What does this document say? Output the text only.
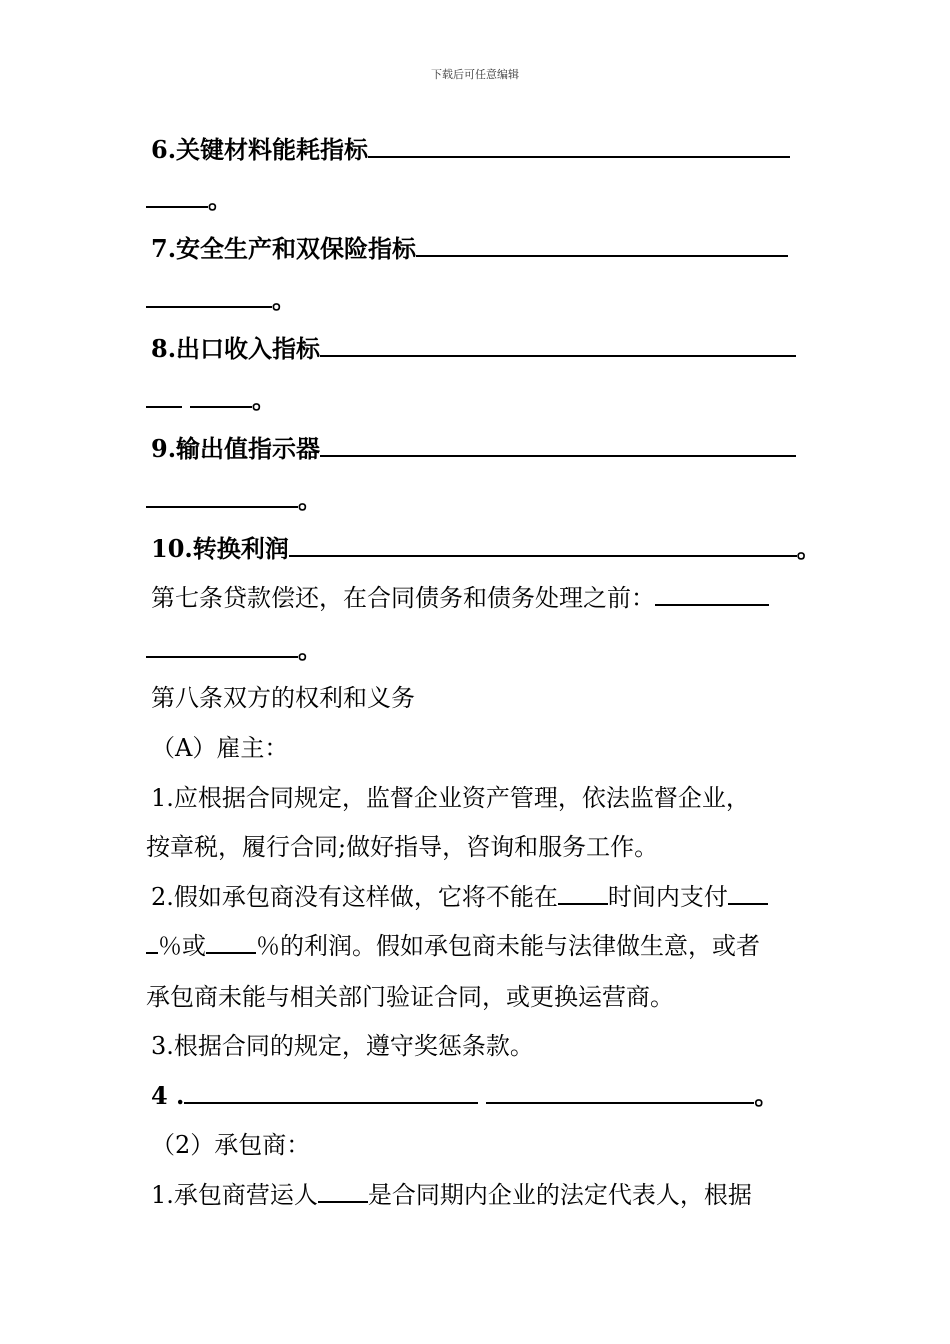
下载后可任意编辑
6.关键材料能耗指标
。
7.安全生产和双保险指标
。
8.出口收入指标
。
9.输出值指示器
。
10.转换利润	。
第七条贷款偿还，在合同债务和债务处理之前：
。
第八条双方的权利和义务
（A）雇主：
1.应根据合同规定，监督企业资产管理，依法监督企业，
按章税，履行合同;做好指导，咨询和服务工作。
2.假如承包商没有这样做，它将不能在 时间内支付
％或 ％的利润。假如承包商未能与法律做生意，或者
承包商未能与相关部门验证合同，或更换运营商。
3.根据合同的规定，遵守奖惩条款。
4 .	。
（2）承包商：
1.承包商营运人 是合同期内企业的法定代表人，根据
